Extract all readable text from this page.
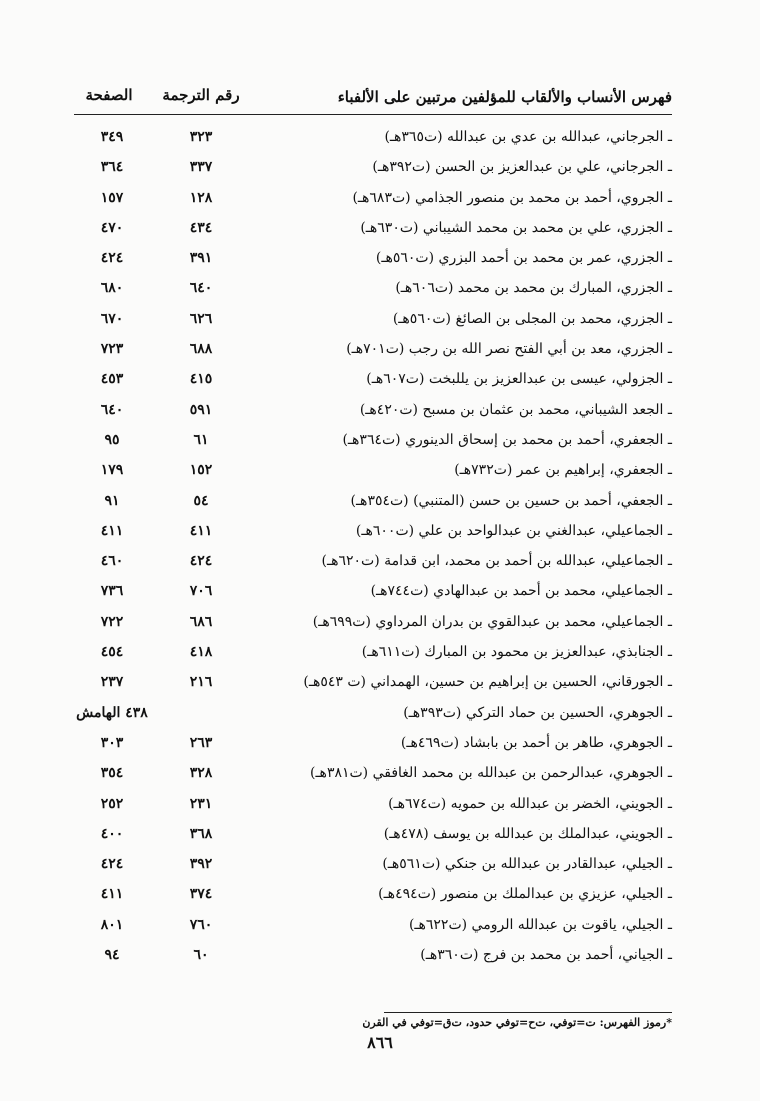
فهرس الأنساب والألقاب للمؤلفين مرتبين على الألفباء
رقم الترجمة
الصفحة
ـ الجرجاني، عبدالله بن عدي بن عبدالله (ت٣٦٥هـ)
٣٢٣
٣٤٩
ـ الجرجاني، علي بن عبدالعزيز بن الحسن (ت٣٩٢هـ)
٣٣٧
٣٦٤
ـ الجروي، أحمد بن محمد بن منصور الجذامي (ت٦٨٣هـ)
١٢٨
١٥٧
ـ الجزري، علي بن محمد بن محمد الشيباني (ت٦٣٠هـ)
٤٣٤
٤٧٠
ـ الجزري، عمر بن محمد بن أحمد البزري (ت٥٦٠هـ)
٣٩١
٤٢٤
ـ الجزري، المبارك بن محمد بن محمد (ت٦٠٦هـ)
٦٤٠
٦٨٠
ـ الجزري، محمد بن المجلى بن الصائغ (ت٥٦٠هـ)
٦٢٦
٦٧٠
ـ الجزري، معد بن أبي الفتح نصر الله بن رجب (ت٧٠١هـ)
٦٨٨
٧٢٣
ـ الجزولي، عيسى بن عبدالعزيز بن يللبخت (ت٦٠٧هـ)
٤١٥
٤٥٣
ـ الجعد الشيباني، محمد بن عثمان بن مسبح (ت٤٢٠هـ)
٥٩١
٦٤٠
ـ الجعفري، أحمد بن محمد بن إسحاق الدينوري (ت٣٦٤هـ)
٦١
٩٥
ـ الجعفري، إبراهيم بن عمر (ت٧٣٢هـ)
١٥٢
١٧٩
ـ الجعفي، أحمد بن حسين بن حسن (المتنبي) (ت٣٥٤هـ)
٥٤
٩١
ـ الجماعيلي، عبدالغني بن عبدالواحد بن علي (ت٦٠٠هـ)
٤١١
٤١١
ـ الجماعيلي، عبدالله بن أحمد بن محمد، ابن قدامة (ت٦٢٠هـ)
٤٢٤
٤٦٠
ـ الجماعيلي، محمد بن أحمد بن عبدالهادي (ت٧٤٤هـ)
٧٠٦
٧٣٦
ـ الجماعيلي، محمد بن عبدالقوي بن بدران المرداوي (ت٦٩٩هـ)
٦٨٦
٧٢٢
ـ الجنابذي، عبدالعزيز بن محمود بن المبارك (ت٦١١هـ)
٤١٨
٤٥٤
ـ الجورقاني، الحسين بن إبراهيم بن حسين، الهمداني (ت ٥٤٣هـ)
٢١٦
٢٣٧
ـ الجوهري، الحسين بن حماد التركي (ت٣٩٣هـ)
٤٣٨ الهامش
ـ الجوهري، طاهر بن أحمد بن بابشاد (ت٤٦٩هـ)
٢٦٣
٣٠٣
ـ الجوهري، عبدالرحمن بن عبدالله بن محمد الغافقي (ت٣٨١هـ)
٣٢٨
٣٥٤
ـ الجويني، الخضر بن عبدالله بن حمويه (ت٦٧٤هـ)
٢٣١
٢٥٢
ـ الجويني، عبدالملك بن عبدالله بن يوسف (٤٧٨هـ)
٣٦٨
٤٠٠
ـ الجيلي، عبدالقادر بن عبدالله بن جنكي (ت٥٦١هـ)
٣٩٢
٤٢٤
ـ الجيلي، عزيزي بن عبدالملك بن منصور (ت٤٩٤هـ)
٣٧٤
٤١١
ـ الجيلي، ياقوت بن عبدالله الرومي (ت٦٢٢هـ)
٧٦٠
٨٠١
ـ الجياني، أحمد بن محمد بن فرج (ت٣٦٠هـ)
٦٠
٩٤
*رموز الفهرس: ت=توفي، ت‌ح=توفي حدود، ت‌ق=توفي في القرن
٨٦٦
